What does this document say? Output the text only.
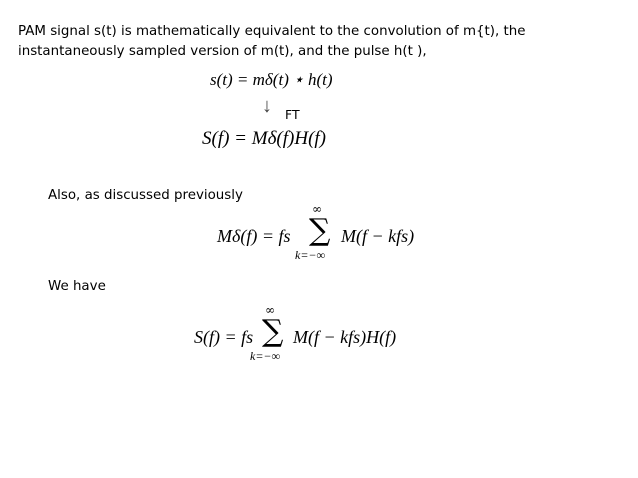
PAM signal s(t) is mathematically equivalent to the convolution of m{t), the instantaneously sampled version of m(t), and the pulse h(t ),

s(t) = mδ(t) ⋆ h(t)
↓ FT
S(f) = Mδ(f)H(f)

Also, as discussed previously

Mδ(f) = fs
∞
∑
k=−∞
M(f − kfs)

We have

S(f) = fs
∞
∑
k=−∞
M(f − kfs)H(f)
